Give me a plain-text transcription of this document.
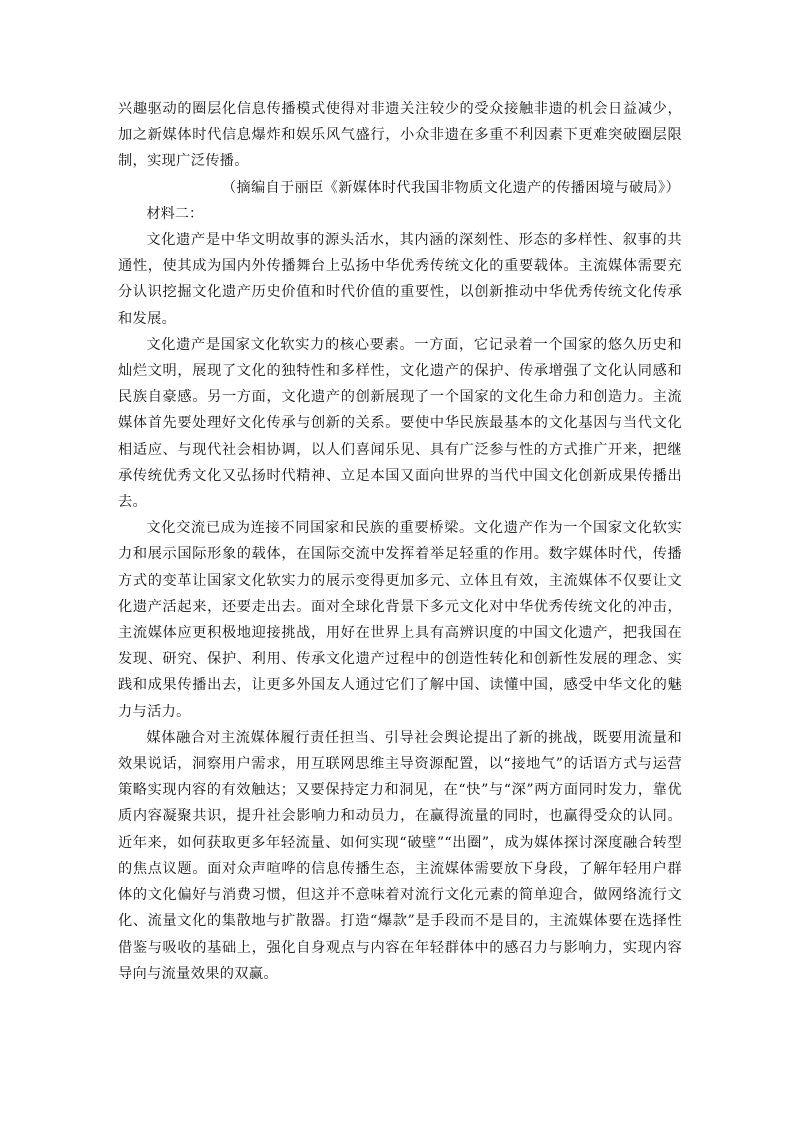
兴趣驱动的圈层化信息传播模式使得对非遗关注较少的受众接触非遗的机会日益减少，加之新媒体时代信息爆炸和娱乐风气盛行，小众非遗在多重不利因素下更难突破圈层限制，实现广泛传播。

（摘编自于丽臣《新媒体时代我国非物质文化遗产的传播困境与破局》）

材料二：

文化遗产是中华文明故事的源头活水，其内涵的深刻性、形态的多样性、叙事的共通性，使其成为国内外传播舞台上弘扬中华优秀传统文化的重要载体。主流媒体需要充分认识挖掘文化遗产历史价值和时代价值的重要性，以创新推动中华优秀传统文化传承和发展。

文化遗产是国家文化软实力的核心要素。一方面，它记录着一个国家的悠久历史和灿烂文明，展现了文化的独特性和多样性，文化遗产的保护、传承增强了文化认同感和民族自豪感。另一方面，文化遗产的创新展现了一个国家的文化生命力和创造力。主流媒体首先要处理好文化传承与创新的关系。要使中华民族最基本的文化基因与当代文化相适应、与现代社会相协调，以人们喜闻乐见、具有广泛参与性的方式推广开来，把继承传统优秀文化又弘扬时代精神、立足本国又面向世界的当代中国文化创新成果传播出去。

文化交流已成为连接不同国家和民族的重要桥梁。文化遗产作为一个国家文化软实力和展示国际形象的载体，在国际交流中发挥着举足轻重的作用。数字媒体时代，传播方式的变革让国家文化软实力的展示变得更加多元、立体且有效，主流媒体不仅要让文化遗产活起来，还要走出去。面对全球化背景下多元文化对中华优秀传统文化的冲击，主流媒体应更积极地迎接挑战，用好在世界上具有高辨识度的中国文化遗产，把我国在发现、研究、保护、利用、传承文化遗产过程中的创造性转化和创新性发展的理念、实践和成果传播出去，让更多外国友人通过它们了解中国、读懂中国，感受中华文化的魅力与活力。

媒体融合对主流媒体履行责任担当、引导社会舆论提出了新的挑战，既要用流量和效果说话，洞察用户需求，用互联网思维主导资源配置，以“接地气”的话语方式与运营策略实现内容的有效触达；又要保持定力和洞见，在“快”与“深”两方面同时发力，靠优质内容凝聚共识，提升社会影响力和动员力，在赢得流量的同时，也赢得受众的认同。近年来，如何获取更多年轻流量、如何实现“破壁”“出圈”，成为媒体探讨深度融合转型的焦点议题。面对众声喧哗的信息传播生态，主流媒体需要放下身段，了解年轻用户群体的文化偏好与消费习惯，但这并不意味着对流行文化元素的简单迎合，做网络流行文化、流量文化的集散地与扩散器。打造“爆款”是手段而不是目的，主流媒体要在选择性借鉴与吸收的基础上，强化自身观点与内容在年轻群体中的感召力与影响力，实现内容导向与流量效果的双赢。
